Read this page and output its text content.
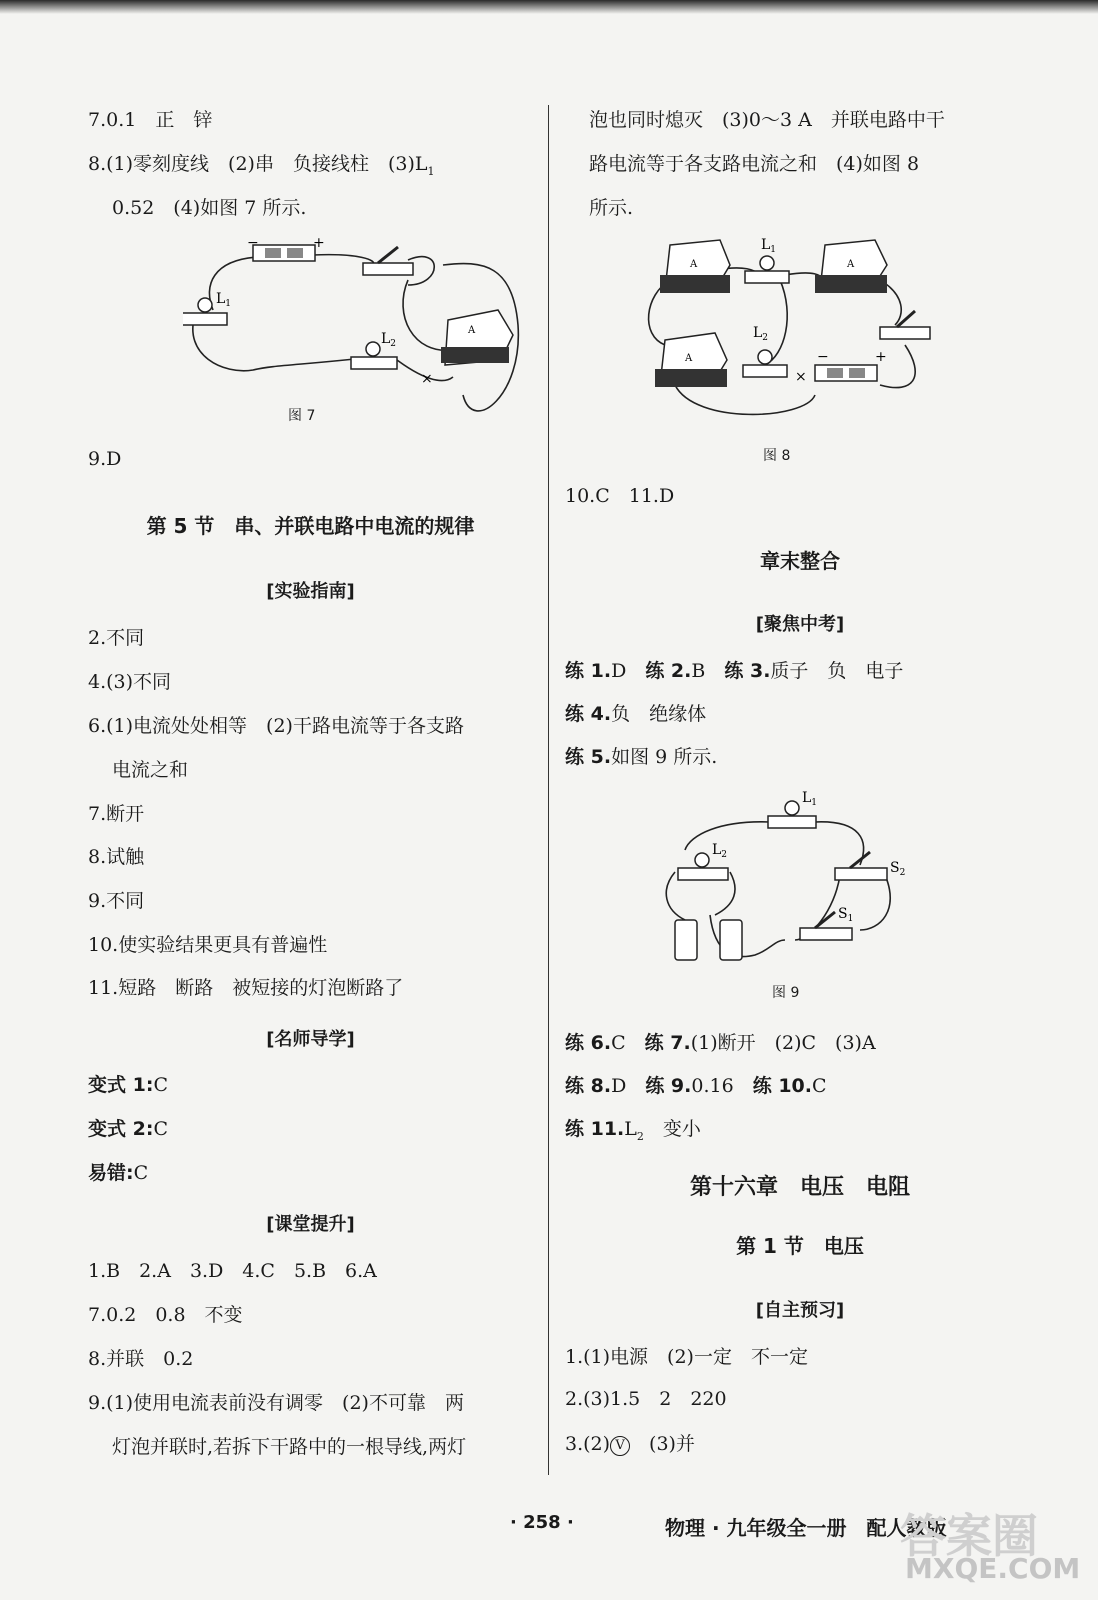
7.0.1　正　锌
8.(1)零刻度线　(2)串　负接线柱　$(3)L_1$
0.52　(4)如图 7 所示.
−	+
$L_1$
$L_2$
A
×
图 7
9.D
第 5 节　串、并联电路中电流的规律
[实验指南]
2.不同
4.(3)不同
6.(1)电流处处相等　(2)干路电流等于各支路
电流之和
7.断开
8.试触
9.不同
10.使实验结果更具有普遍性
11.短路　断路　被短接的灯泡断路了
[名师导学]
变式 1:C
变式 2:C
易错:C
[课堂提升]
1.B　2.A　3.D　4.C　5.B　6.A
7.0.2　0.8　不变
8.并联　0.2
9.(1)使用电流表前没有调零　(2)不可靠　两
灯泡并联时,若拆下干路中的一根导线,两灯
泡也同时熄灭　(3)0～3 A　并联电路中干
路电流等于各支路电流之和　(4)如图 8
所示.
A
$L_1$
A
A
$L_2$
−	+
×
图 8
10.C　11.D
章末整合
[聚焦中考]
练 1.D　 练 2.B　 练 3.质子　负　电子
练 4.负　绝缘体
练 5.如图 9 所示.
$L_1$
$L_2$
$S_2$
$S_1$
图 9
练 6.C　 练 7.(1)断开　(2)C　(3)A
练 8.D　 练 9.0.16　 练 10.C
练 $11.L_2$　变小
第十六章　电压　电阻
第 1 节　电压
[自主预习]
1.(1)电源　(2)一定　不一定
2.(3)1.5　2　220
3.(2) V　(3)并
· 258 ·	物理 · 九年级全一册　配人教版
答案圈
MXQE.COM
